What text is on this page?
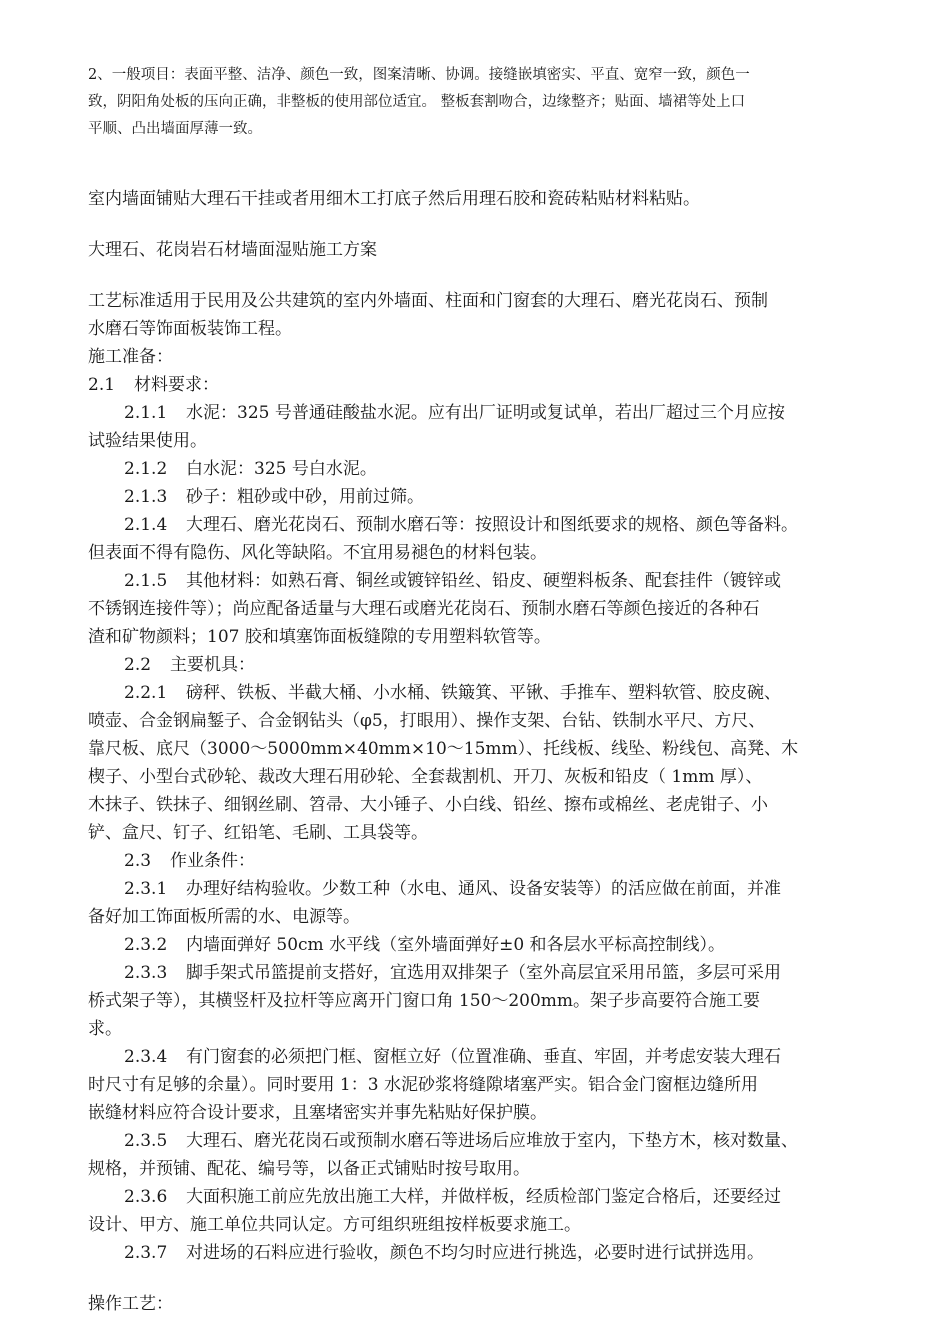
2、一般项目：表面平整、洁净、颜色一致，图案清晰、协调。接缝嵌填密实、平直、宽窄一致，颜色一
致，阴阳角处板的压向正确，非整板的使用部位适宜。 整板套割吻合，边缘整齐；贴面、墙裙等处上口
平顺、凸出墙面厚薄一致。
室内墙面铺贴大理石干挂或者用细木工打底子然后用理石胶和瓷砖粘贴材料粘贴。
大理石、花岗岩石材墙面湿贴施工方案
工艺标准适用于民用及公共建筑的室内外墙面、柱面和门窗套的大理石、磨光花岗石、预制
水磨石等饰面板装饰工程。
施工准备：
2.1 材料要求：
2.1.1 水泥：325 号普通硅酸盐水泥。应有出厂证明或复试单，若出厂超过三个月应按
试验结果使用。
2.1.2 白水泥：325 号白水泥。
2.1.3 砂子：粗砂或中砂，用前过筛。
2.1.4 大理石、磨光花岗石、预制水磨石等：按照设计和图纸要求的规格、颜色等备料。
但表面不得有隐伤、风化等缺陷。不宜用易褪色的材料包装。
2.1.5 其他材料：如熟石膏、铜丝或镀锌铅丝、铅皮、硬塑料板条、配套挂件（镀锌或
不锈钢连接件等）；尚应配备适量与大理石或磨光花岗石、预制水磨石等颜色接近的各种石
渣和矿物颜料；107 胶和填塞饰面板缝隙的专用塑料软管等。
2.2 主要机具：
2.2.1 磅秤、铁板、半截大桶、小水桶、铁簸箕、平锹、手推车、塑料软管、胶皮碗、
喷壶、合金钢扁錾子、合金钢钻头（φ5，打眼用）、操作支架、台钻、铁制水平尺、方尺、
靠尺板、底尺（3000～5000mm×40mm×10～15mm）、托线板、线坠、粉线包、高凳、木
楔子、小型台式砂轮、裁改大理石用砂轮、全套裁割机、开刀、灰板和铅皮（ 1mm 厚）、
木抹子、铁抹子、细钢丝刷、笤帚、大小锤子、小白线、铅丝、擦布或棉丝、老虎钳子、小
铲、盒尺、钉子、红铅笔、毛刷、工具袋等。
2.3 作业条件：
2.3.1 办理好结构验收。少数工种（水电、通风、设备安装等）的活应做在前面，并准
备好加工饰面板所需的水、电源等。
2.3.2 内墙面弹好 50cm 水平线（室外墙面弹好±0 和各层水平标高控制线）。
2.3.3 脚手架式吊篮提前支搭好，宜选用双排架子（室外高层宜采用吊篮，多层可采用
桥式架子等），其横竖杆及拉杆等应离开门窗口角 150～200mm。架子步高要符合施工要
求。
2.3.4 有门窗套的必须把门框、窗框立好（位置准确、垂直、牢固，并考虑安装大理石
时尺寸有足够的余量）。同时要用 1：3 水泥砂浆将缝隙堵塞严实。铝合金门窗框边缝所用
嵌缝材料应符合设计要求，且塞堵密实并事先粘贴好保护膜。
2.3.5 大理石、磨光花岗石或预制水磨石等进场后应堆放于室内，下垫方木，核对数量、
规格，并预铺、配花、编号等，以备正式铺贴时按号取用。
2.3.6 大面积施工前应先放出施工大样，并做样板，经质检部门鉴定合格后，还要经过
设计、甲方、施工单位共同认定。方可组织班组按样板要求施工。
2.3.7 对进场的石料应进行验收，颜色不均匀时应进行挑选，必要时进行试拼选用。
操作工艺：
